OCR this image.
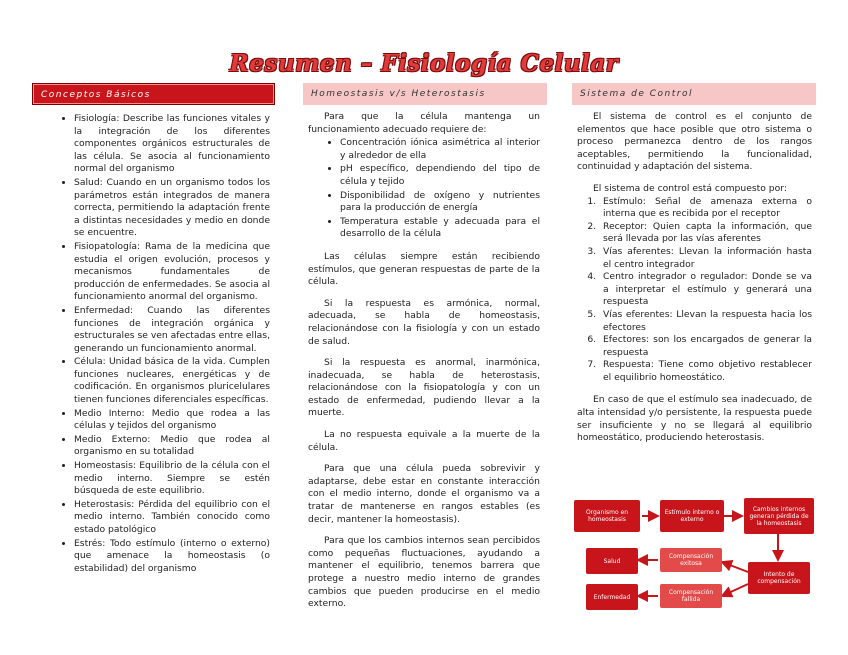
Resumen – Fisiología Celular
Conceptos Básicos	Homeostasis v/s Heterostasis	Sistema de Control
• Fisiología: Describe las funciones vitales y la integración de los diferentes componentes orgánicos estructurales de las célula. Se asocia al funcionamiento normal del organismo
• Salud: Cuando en un organismo todos los parámetros están integrados de manera correcta, permitiendo la adaptación frente a distintas necesidades y medio en donde se encuentre.
• Fisiopatología: Rama de la medicina que estudia el origen evolución, procesos y mecanismos fundamentales de producción de enfermedades. Se asocia al funcionamiento anormal del organismo.
• Enfermedad: Cuando las diferentes funciones de integración orgánica y estructurales se ven afectadas entre ellas, generando un funcionamiento anormal.
• Célula: Unidad básica de la vida. Cumplen funciones nucleares, energéticas y de codificación. En organismos pluricelulares tienen funciones diferenciales específicas.
• Medio Interno: Medio que rodea a las células y tejidos del organismo
• Medio Externo: Medio que rodea al organismo en su totalidad
• Homeostasis: Equilibrio de la célula con el medio interno. Siempre se estén búsqueda de este equilibrio.
• Heterostasis: Pérdida del equilibrio con el medio interno. También conocido como estado patológico
• Estrés: Todo estímulo (interno o externo) que amenace la homeostasis (o estabilidad) del organismo

Para que la célula mantenga un funcionamiento adecuado requiere de:

• Concentración iónica asimétrica al interior y alrededor de ella
• pH específico, dependiendo del tipo de célula y tejido
• Disponibilidad de oxígeno y nutrientes para la producción de energía
• Temperatura estable y adecuada para el desarrollo de la célula

Las células siempre están recibiendo estímulos, que generan respuestas de parte de la célula.

Si la respuesta es armónica, normal, adecuada, se habla de homeostasis, relacionándose con la fisiología y con un estado de salud.

Si la respuesta es anormal, inarmónica, inadecuada, se habla de heterostasis, relacionándose con la fisiopatología y con un estado de enfermedad, pudiendo llevar a la muerte.

La no respuesta equivale a la muerte de la célula.

Para que una célula pueda sobrevivir y adaptarse, debe estar en constante interacción con el medio interno, donde el organismo va a tratar de mantenerse en rangos estables (es decir, mantener la homeostasis).

Para que los cambios internos sean percibidos como pequeñas fluctuaciones, ayudando a mantener el equilibrio, tenemos barrera que protege a nuestro medio interno de grandes cambios que pueden producirse en el medio externo.

El sistema de control es el conjunto de elementos que hace posible que otro sistema o proceso permanezca dentro de los rangos aceptables, permitiendo la funcionalidad, continuidad y adaptación del sistema.

El sistema de control está compuesto por:

1. Estímulo: Señal de amenaza externa o interna que es recibida por el receptor
2. Receptor: Quien capta la información, que será llevada por las vías aferentes
3. Vías aferentes: Llevan la información hasta el centro integrador
4. Centro integrador o regulador: Donde se va a interpretar el estímulo y generará una respuesta
5. Vías eferentes: Llevan la respuesta hacia los efectores
6. Efectores: son los encargados de generar la respuesta
7. Respuesta: Tiene como objetivo restablecer el equilibrio homeostático.

En caso de que el estímulo sea inadecuado, de alta intensidad y/o persistente, la respuesta puede ser insuficiente y no se llegará al equilibrio homeostático, produciendo heterostasis.

Organismo en homeostasis
Estímulo interno o externo
Cambios internos generan pérdida de la homeostasis
Intento de compensación
Compensación exitosa
Compensación fallida
Salud
Enfermedad
